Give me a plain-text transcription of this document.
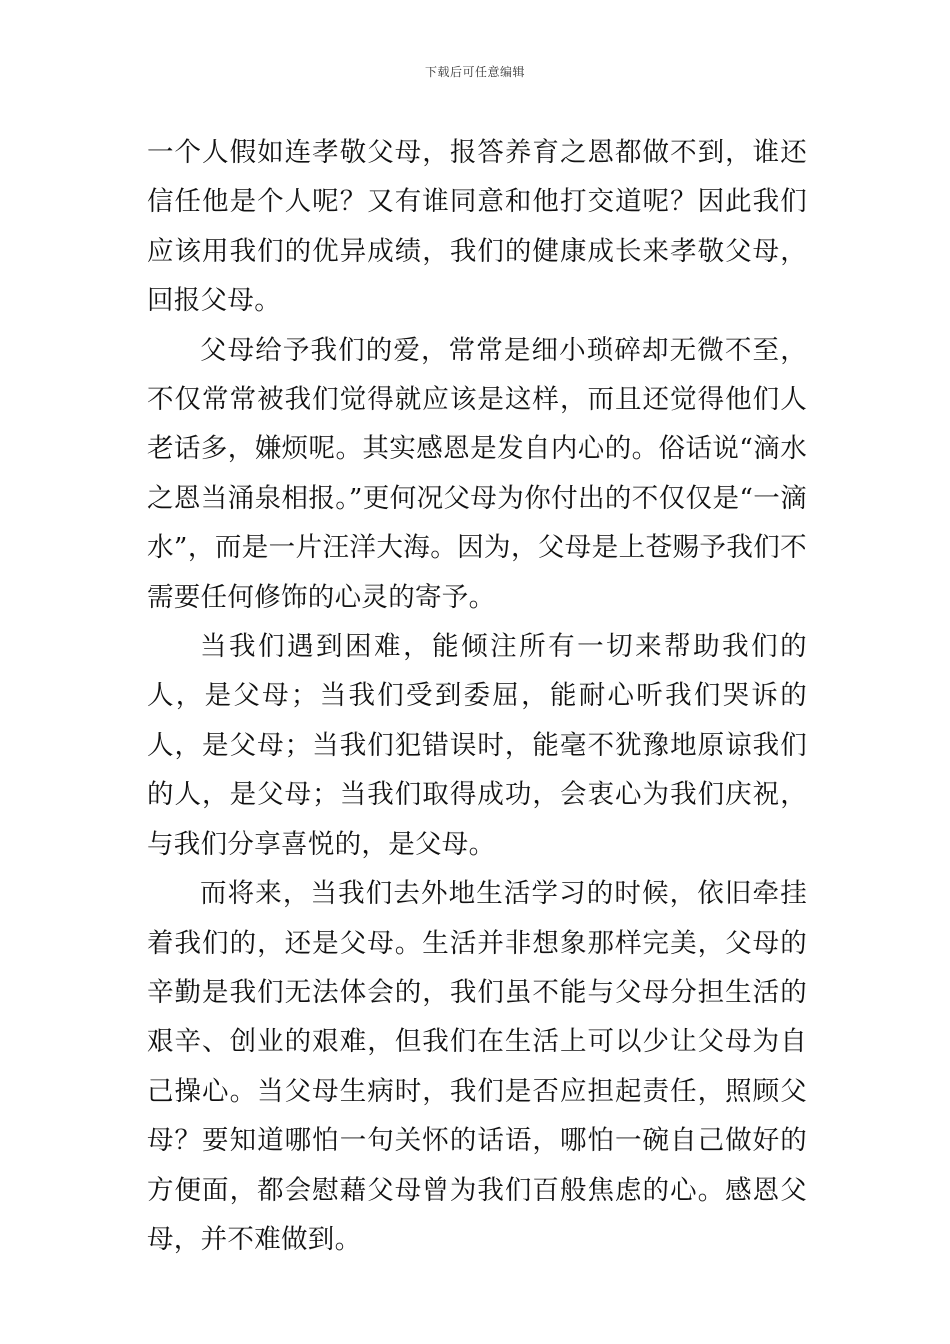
下载后可任意编辑

一个人假如连孝敬父母，报答养育之恩都做不到，谁还信任他是个人呢？又有谁同意和他打交道呢？因此我们应该用我们的优异成绩，我们的健康成长来孝敬父母，回报父母。

父母给予我们的爱，常常是细小琐碎却无微不至，不仅常常被我们觉得就应该是这样，而且还觉得他们人老话多，嫌烦呢。其实感恩是发自内心的。俗话说“滴水之恩当涌泉相报。”更何况父母为你付出的不仅仅是“一滴水”，而是一片汪洋大海。因为，父母是上苍赐予我们不需要任何修饰的心灵的寄予。

当我们遇到困难，能倾注所有一切来帮助我们的人，是父母；当我们受到委屈，能耐心听我们哭诉的人，是父母；当我们犯错误时，能毫不犹豫地原谅我们的人，是父母；当我们取得成功，会衷心为我们庆祝，与我们分享喜悦的，是父母。

而将来，当我们去外地生活学习的时候，依旧牵挂着我们的，还是父母。生活并非想象那样完美，父母的辛勤是我们无法体会的，我们虽不能与父母分担生活的艰辛、创业的艰难，但我们在生活上可以少让父母为自己操心。当父母生病时，我们是否应担起责任，照顾父母？要知道哪怕一句关怀的话语，哪怕一碗自己做好的方便面，都会慰藉父母曾为我们百般焦虑的心。感恩父母，并不难做到。
